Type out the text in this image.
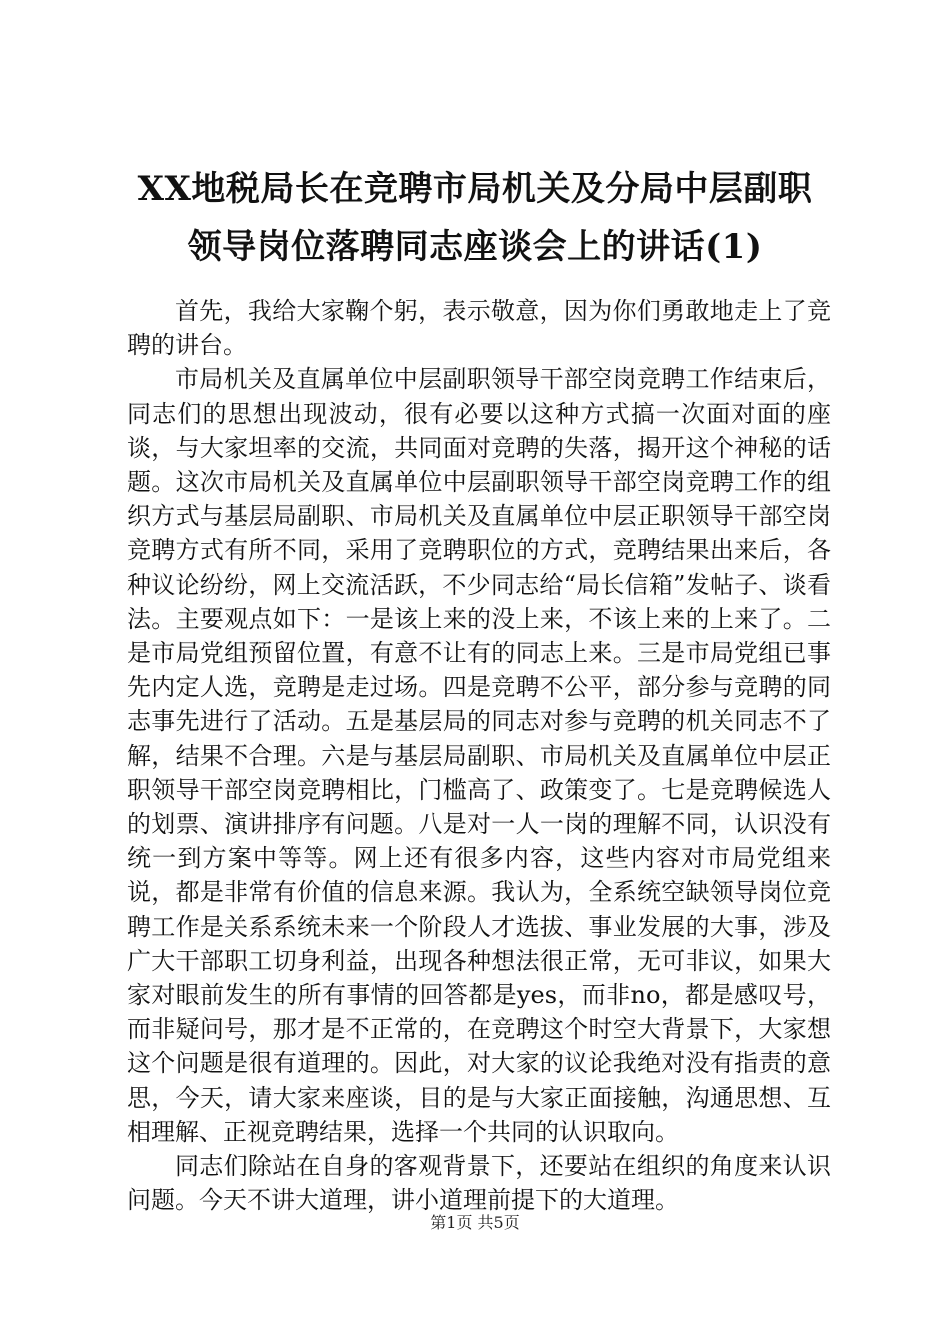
XX地税局长在竞聘市局机关及分局中层副职
领导岗位落聘同志座谈会上的讲话(1)

首先，我给大家鞠个躬，表示敬意，因为你们勇敢地走上了竞聘的讲台。

市局机关及直属单位中层副职领导干部空岗竞聘工作结束后，同志们的思想出现波动，很有必要以这种方式搞一次面对面的座谈，与大家坦率的交流，共同面对竞聘的失落，揭开这个神秘的话题。这次市局机关及直属单位中层副职领导干部空岗竞聘工作的组织方式与基层局副职、市局机关及直属单位中层正职领导干部空岗竞聘方式有所不同，采用了竞聘职位的方式，竞聘结果出来后，各种议论纷纷，网上交流活跃，不少同志给“局长信箱”发帖子、谈看法。主要观点如下：一是该上来的没上来，不该上来的上来了。二是市局党组预留位置，有意不让有的同志上来。三是市局党组已事先内定人选，竞聘是走过场。四是竞聘不公平，部分参与竞聘的同志事先进行了活动。五是基层局的同志对参与竞聘的机关同志不了解，结果不合理。六是与基层局副职、市局机关及直属单位中层正职领导干部空岗竞聘相比，门槛高了、政策变了。七是竞聘候选人的划票、演讲排序有问题。八是对一人一岗的理解不同，认识没有统一到方案中等等。网上还有很多内容，这些内容对市局党组来说，都是非常有价值的信息来源。我认为，全系统空缺领导岗位竞聘工作是关系系统未来一个阶段人才选拔、事业发展的大事，涉及广大干部职工切身利益，出现各种想法很正常，无可非议，如果大家对眼前发生的所有事情的回答都是yes，而非no，都是感叹号，而非疑问号，那才是不正常的，在竞聘这个时空大背景下，大家想这个问题是很有道理的。因此，对大家的议论我绝对没有指责的意思，今天，请大家来座谈，目的是与大家正面接触，沟通思想、互相理解、正视竞聘结果，选择一个共同的认识取向。

同志们除站在自身的客观背景下，还要站在组织的角度来认识问题。今天不讲大道理，讲小道理前提下的大道理。

第1页 共5页
